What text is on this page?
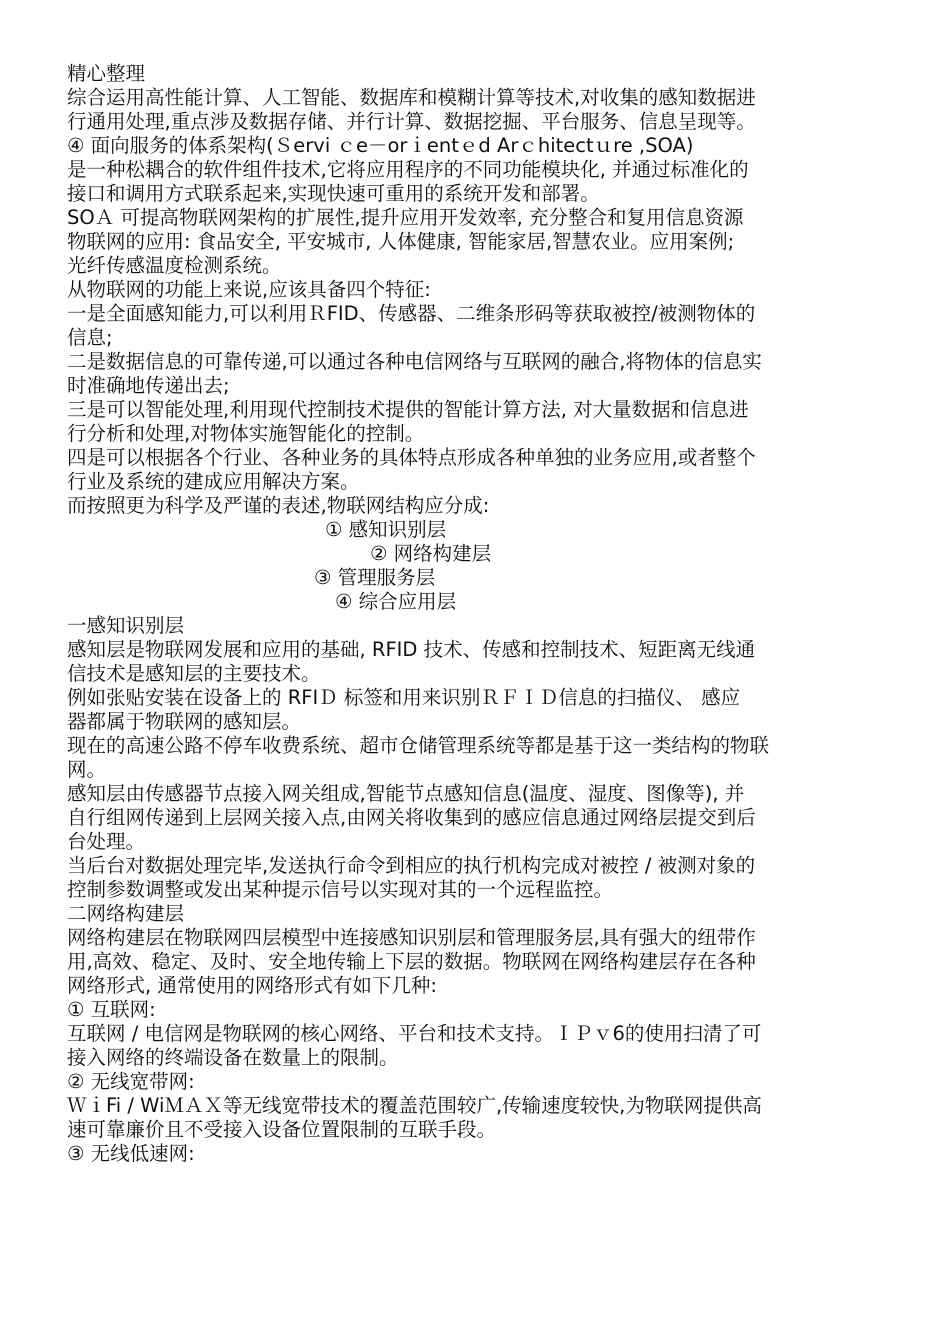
精心整理
综合运用高性能计算、人工智能、数据库和模糊计算等技术,对收集的感知数据进
行通用处理,重点涉及数据存储、并行计算、数据挖掘、平台服务、信息呈现等。
④ 面向服务的体系架构(Ｓervi ｃe－orｉentｅd Arｃhitectｕre ,SOA)
是一种松耦合的软件组件技术,它将应用程序的不同功能模块化, 并通过标准化的
接口和调用方式联系起来,实现快速可重用的系统开发和部署。
SOＡ 可提高物联网架构的扩展性,提升应用开发效率, 充分整合和复用信息资源
物联网的应用: 食品安全, 平安城市, 人体健康, 智能家居,智慧农业。应用案例;
光纤传感温度检测系统。
从物联网的功能上来说,应该具备四个特征:
一是全面感知能力,可以利用ＲFID、传感器、二维条形码等获取被控/被测物体的
信息;
二是数据信息的可靠传递,可以通过各种电信网络与互联网的融合,将物体的信息实
时准确地传递出去;
三是可以智能处理,利用现代控制技术提供的智能计算方法, 对大量数据和信息进
行分析和处理,对物体实施智能化的控制。
四是可以根据各个行业、各种业务的具体特点形成各种单独的业务应用,或者整个
行业及系统的建成应用解决方案。
而按照更为科学及严谨的表述,物联网结构应分成:
① 感知识别层
② 网络构建层
③ 管理服务层
④ 综合应用层
一感知识别层
感知层是物联网发展和应用的基础, RFID 技术、传感和控制技术、短距离无线通
信技术是感知层的主要技术。
例如张贴安装在设备上的 RFIＤ 标签和用来识别ＲＦＩＤ信息的扫描仪、 感应
器都属于物联网的感知层。
现在的高速公路不停车收费系统、超市仓储管理系统等都是基于这一类结构的物联
网。
感知层由传感器节点接入网关组成,智能节点感知信息(温度、湿度、图像等), 并
自行组网传递到上层网关接入点,由网关将收集到的感应信息通过网络层提交到后
台处理。
当后台对数据处理完毕,发送执行命令到相应的执行机构完成对被控 / 被测对象的
控制参数调整或发出某种提示信号以实现对其的一个远程监控。
二网络构建层
网络构建层在物联网四层模型中连接感知识别层和管理服务层,具有强大的纽带作
用,高效、稳定、及时、安全地传输上下层的数据。物联网在网络构建层存在各种
网络形式, 通常使用的网络形式有如下几种:
① 互联网:
互联网 / 电信网是物联网的核心网络、平台和技术支持。ＩＰｖ6的使用扫清了可
接入网络的终端设备在数量上的限制。
② 无线宽带网:
ＷｉFi / WiＭＡＸ等无线宽带技术的覆盖范围较广,传输速度较快,为物联网提供高
速可靠廉价且不受接入设备位置限制的互联手段。
③ 无线低速网:
